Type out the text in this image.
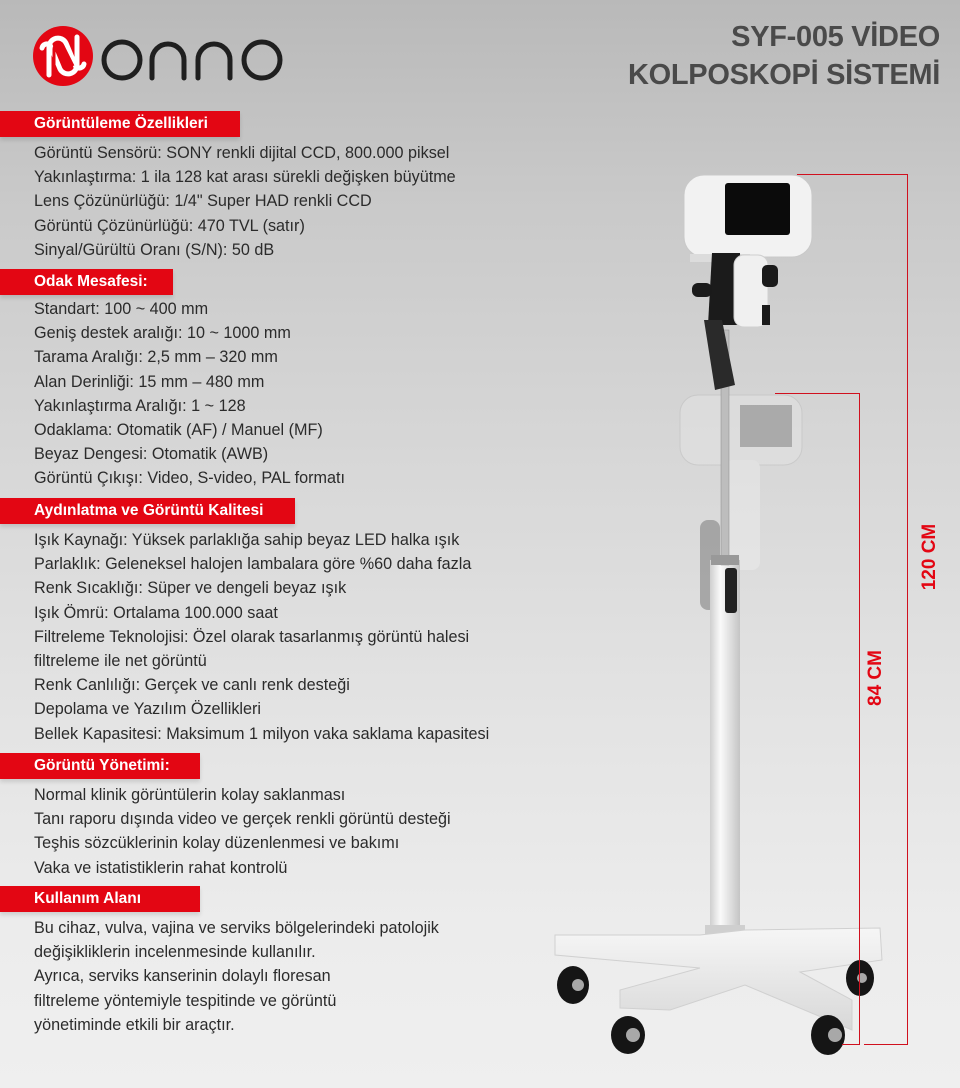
SYF-005 VİDEO
KOLPOSKOPİ SİSTEMİ
Görüntüleme Özellikleri
Görüntü Sensörü: SONY renkli dijital CCD, 800.000 piksel
Yakınlaştırma: 1 ila 128 kat arası sürekli değişken büyütme
Lens Çözünürlüğü: 1/4" Super HAD renkli CCD
Görüntü Çözünürlüğü: 470 TVL (satır)
Sinyal/Gürültü Oranı (S/N): 50 dB
Odak Mesafesi:
Standart: 100 ~ 400 mm
Geniş destek aralığı: 10 ~ 1000 mm
Tarama Aralığı: 2,5 mm – 320 mm
Alan Derinliği: 15 mm – 480 mm
Yakınlaştırma Aralığı: 1 ~ 128
Odaklama: Otomatik (AF) / Manuel (MF)
Beyaz Dengesi: Otomatik (AWB)
Görüntü Çıkışı: Video, S-video, PAL formatı
Aydınlatma ve Görüntü Kalitesi
Işık Kaynağı: Yüksek parlaklığa sahip beyaz LED halka ışık
Parlaklık: Geleneksel halojen lambalara göre %60 daha fazla
Renk Sıcaklığı: Süper ve dengeli beyaz ışık
Işık Ömrü: Ortalama 100.000 saat
Filtreleme Teknolojisi: Özel olarak tasarlanmış görüntü halesi
filtreleme ile net görüntü
Renk Canlılığı: Gerçek ve canlı renk desteği
Depolama ve Yazılım Özellikleri
Bellek Kapasitesi: Maksimum 1 milyon vaka saklama kapasitesi
Görüntü Yönetimi:
Normal klinik görüntülerin kolay saklanması
Tanı raporu dışında video ve gerçek renkli görüntü desteği
Teşhis sözcüklerinin kolay düzenlenmesi ve bakımı
Vaka ve istatistiklerin rahat kontrolü
Kullanım Alanı
Bu cihaz, vulva, vajina ve serviks bölgelerindeki patolojik
değişikliklerin incelenmesinde kullanılır.
Ayrıca, serviks kanserinin dolaylı floresan
filtreleme yöntemiyle tespitinde ve görüntü
yönetiminde etkili bir araçtır.
120 CM
84 CM
